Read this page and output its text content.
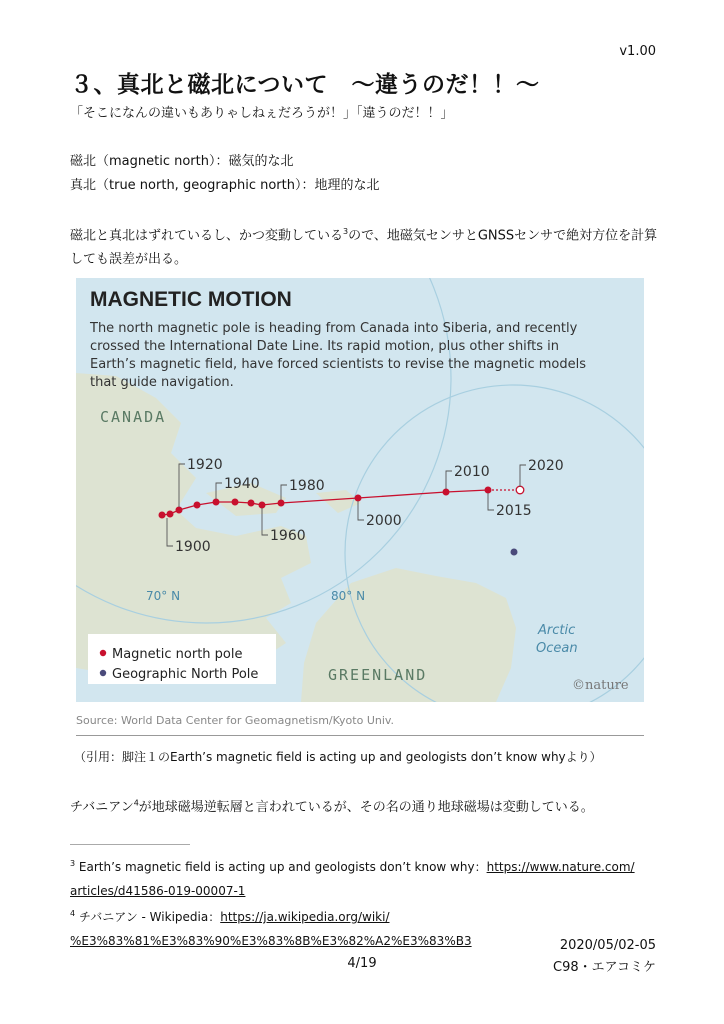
v1.00
３、真北と磁北について　〜違うのだ！！〜
「そこになんの違いもありゃしねぇだろうが！」「違うのだ！！」
磁北（magnetic north）：磁気的な北
真北（true north, geographic north）：地理的な北
磁北と真北はずれているし、かつ変動している$^3$ので、地磁気センサとGNSSセンサで絶対方位を計算しても誤差が出る。
MAGNETIC MOTION
The north magnetic pole is heading from Canada into Siberia, and recently
crossed the International Date Line. Its rapid motion, plus other shifts in
Earth’s magnetic field, have forced scientists to revise the magnetic models
that guide navigation.
CANADA
GREENLAND
Arctic
Ocean
70° N	80° N
1900
1920
1940
1960
1980
2000
2010
2015
2020
Magnetic north pole
Geographic North Pole
©nature
Source: World Data Center for Geomagnetism/Kyoto Univ.
（引用：脚注１のEarth’s magnetic field is acting up and geologists don’t know whyより）
チバニアン$^4$が地球磁場逆転層と言われているが、その名の通り地球磁場は変動している。
$^3$ Earth’s magnetic field is acting up and geologists don’t know why：https://www.nature.com/
articles/d41586-019-00007-1
$^4$ チバニアン - Wikipedia：https://ja.wikipedia.org/wiki/
%E3%83%81%E3%83%90%E3%83%8B%E3%82%A2%E3%83%B3	2020/05/02-05
4/19	C98・エアコミケ
